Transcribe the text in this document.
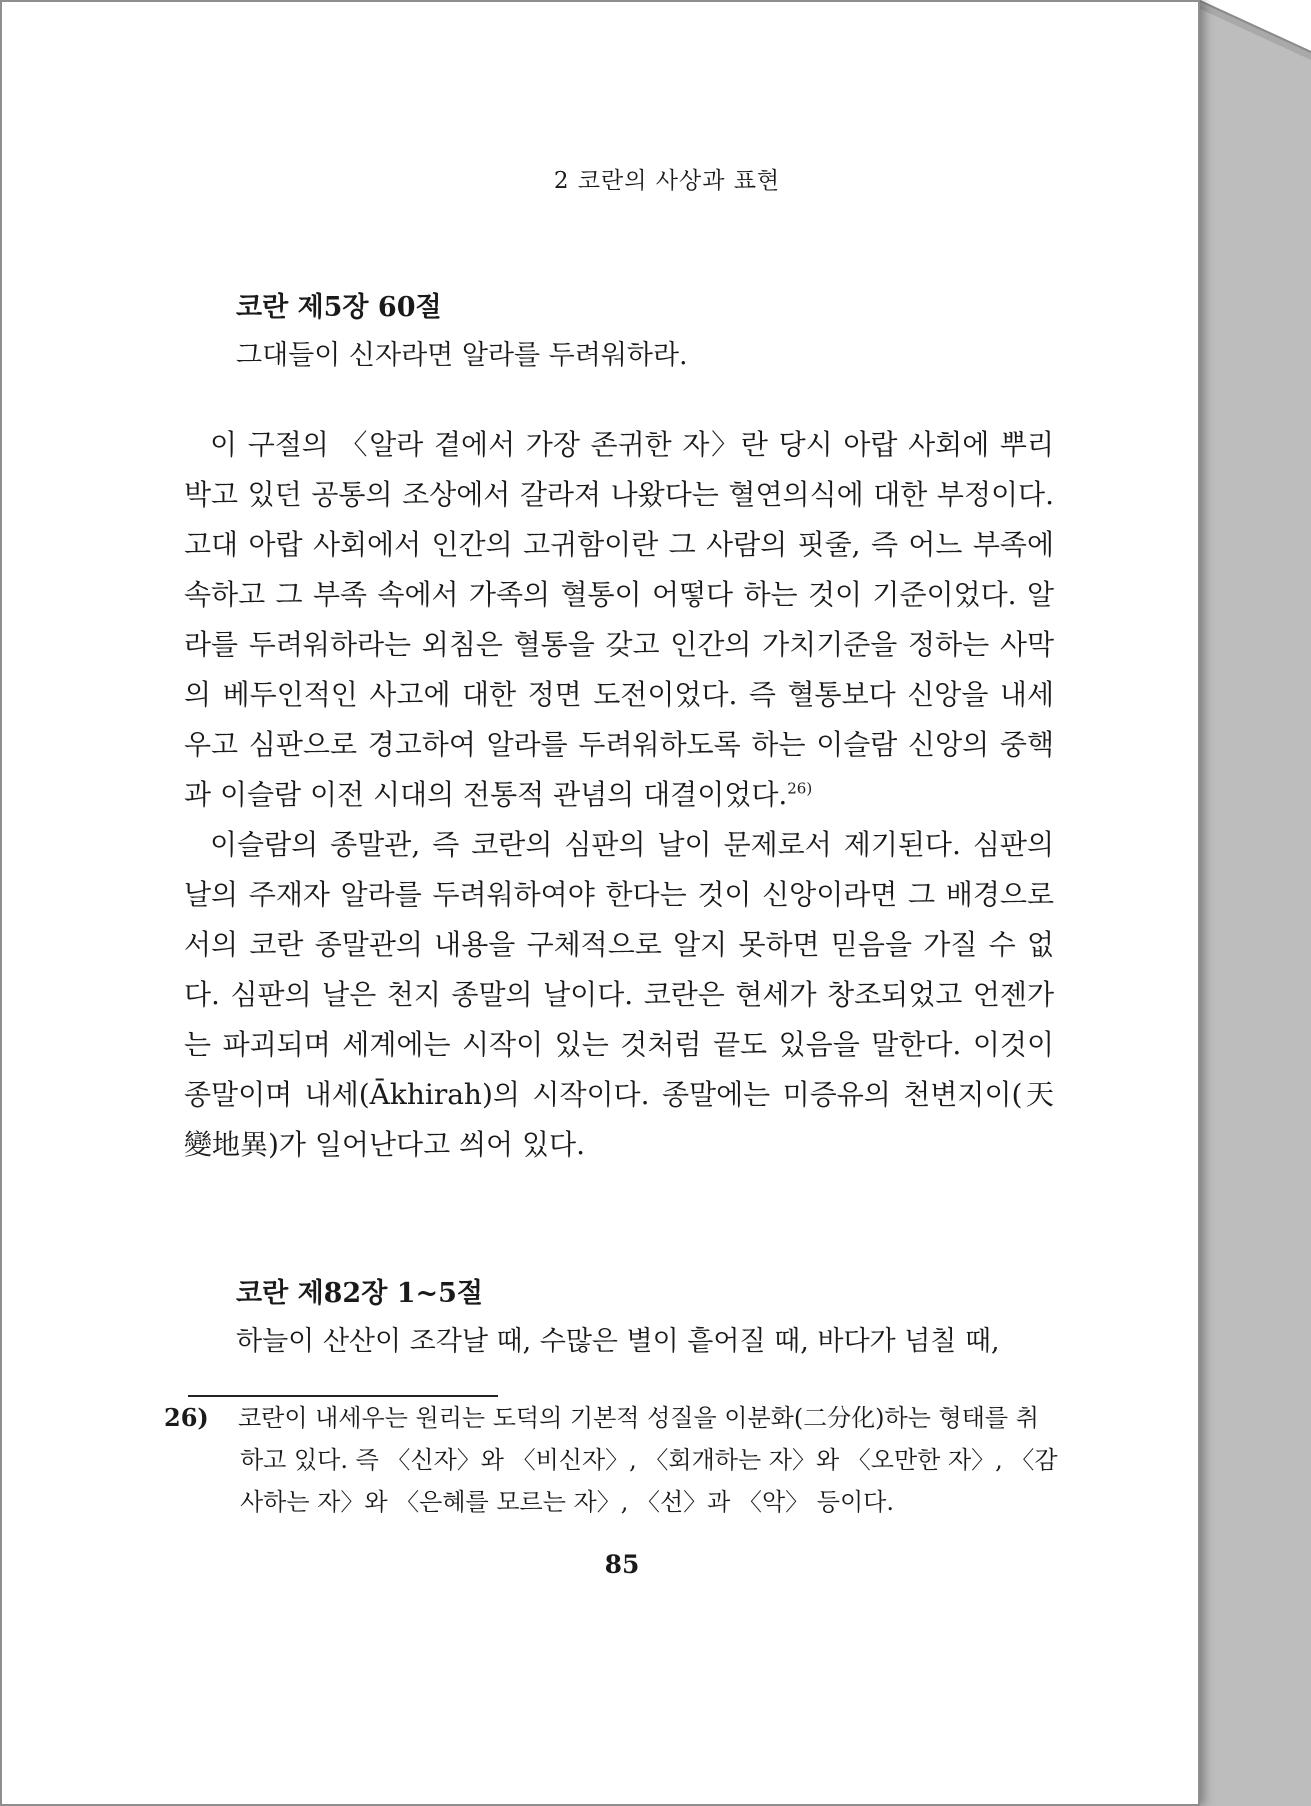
2 코란의 사상과 표현
코란 제5장 60절
그대들이 신자라면 알라를 두려워하라.

이 구절의 〈알라 곁에서 가장 존귀한 자〉란 당시 아랍 사회에 뿌리박고 있던 공통의 조상에서 갈라져 나왔다는 혈연의식에 대한 부정이다. 고대 아랍 사회에서 인간의 고귀함이란 그 사람의 핏줄, 즉 어느 부족에 속하고 그 부족 속에서 가족의 혈통이 어떻다 하는 것이 기준이었다. 알라를 두려워하라는 외침은 혈통을 갖고 인간의 가치기준을 정하는 사막의 베두인적인 사고에 대한 정면 도전이었다. 즉 혈통보다 신앙을 내세우고 심판으로 경고하여 알라를 두려워하도록 하는 이슬람 신앙의 중핵과 이슬람 이전 시대의 전통적 관념의 대결이었다.$^{26)}$

이슬람의 종말관, 즉 코란의 심판의 날이 문제로서 제기된다. 심판의 날의 주재자 알라를 두려워하여야 한다는 것이 신앙이라면 그 배경으로서의 코란 종말관의 내용을 구체적으로 알지 못하면 믿음을 가질 수 없다. 심판의 날은 천지 종말의 날이다. 코란은 현세가 창조되었고 언젠가는 파괴되며 세계에는 시작이 있는 것처럼 끝도 있음을 말한다. 이것이 종말이며 내세(Ākhirah)의 시작이다. 종말에는 미증유의 천변지이(天變地異)가 일어난다고 씌어 있다.

코란 제82장 1~5절
하늘이 산산이 조각날 때, 수많은 별이 흩어질 때, 바다가 넘칠 때,
26) 코란이 내세우는 원리는 도덕의 기본적 성질을 이분화(二分化)하는 형태를 취하고 있다. 즉 〈신자〉와 〈비신자〉, 〈회개하는 자〉와 〈오만한 자〉, 〈감사하는 자〉와 〈은혜를 모르는 자〉, 〈선〉과 〈악〉 등이다.
85
